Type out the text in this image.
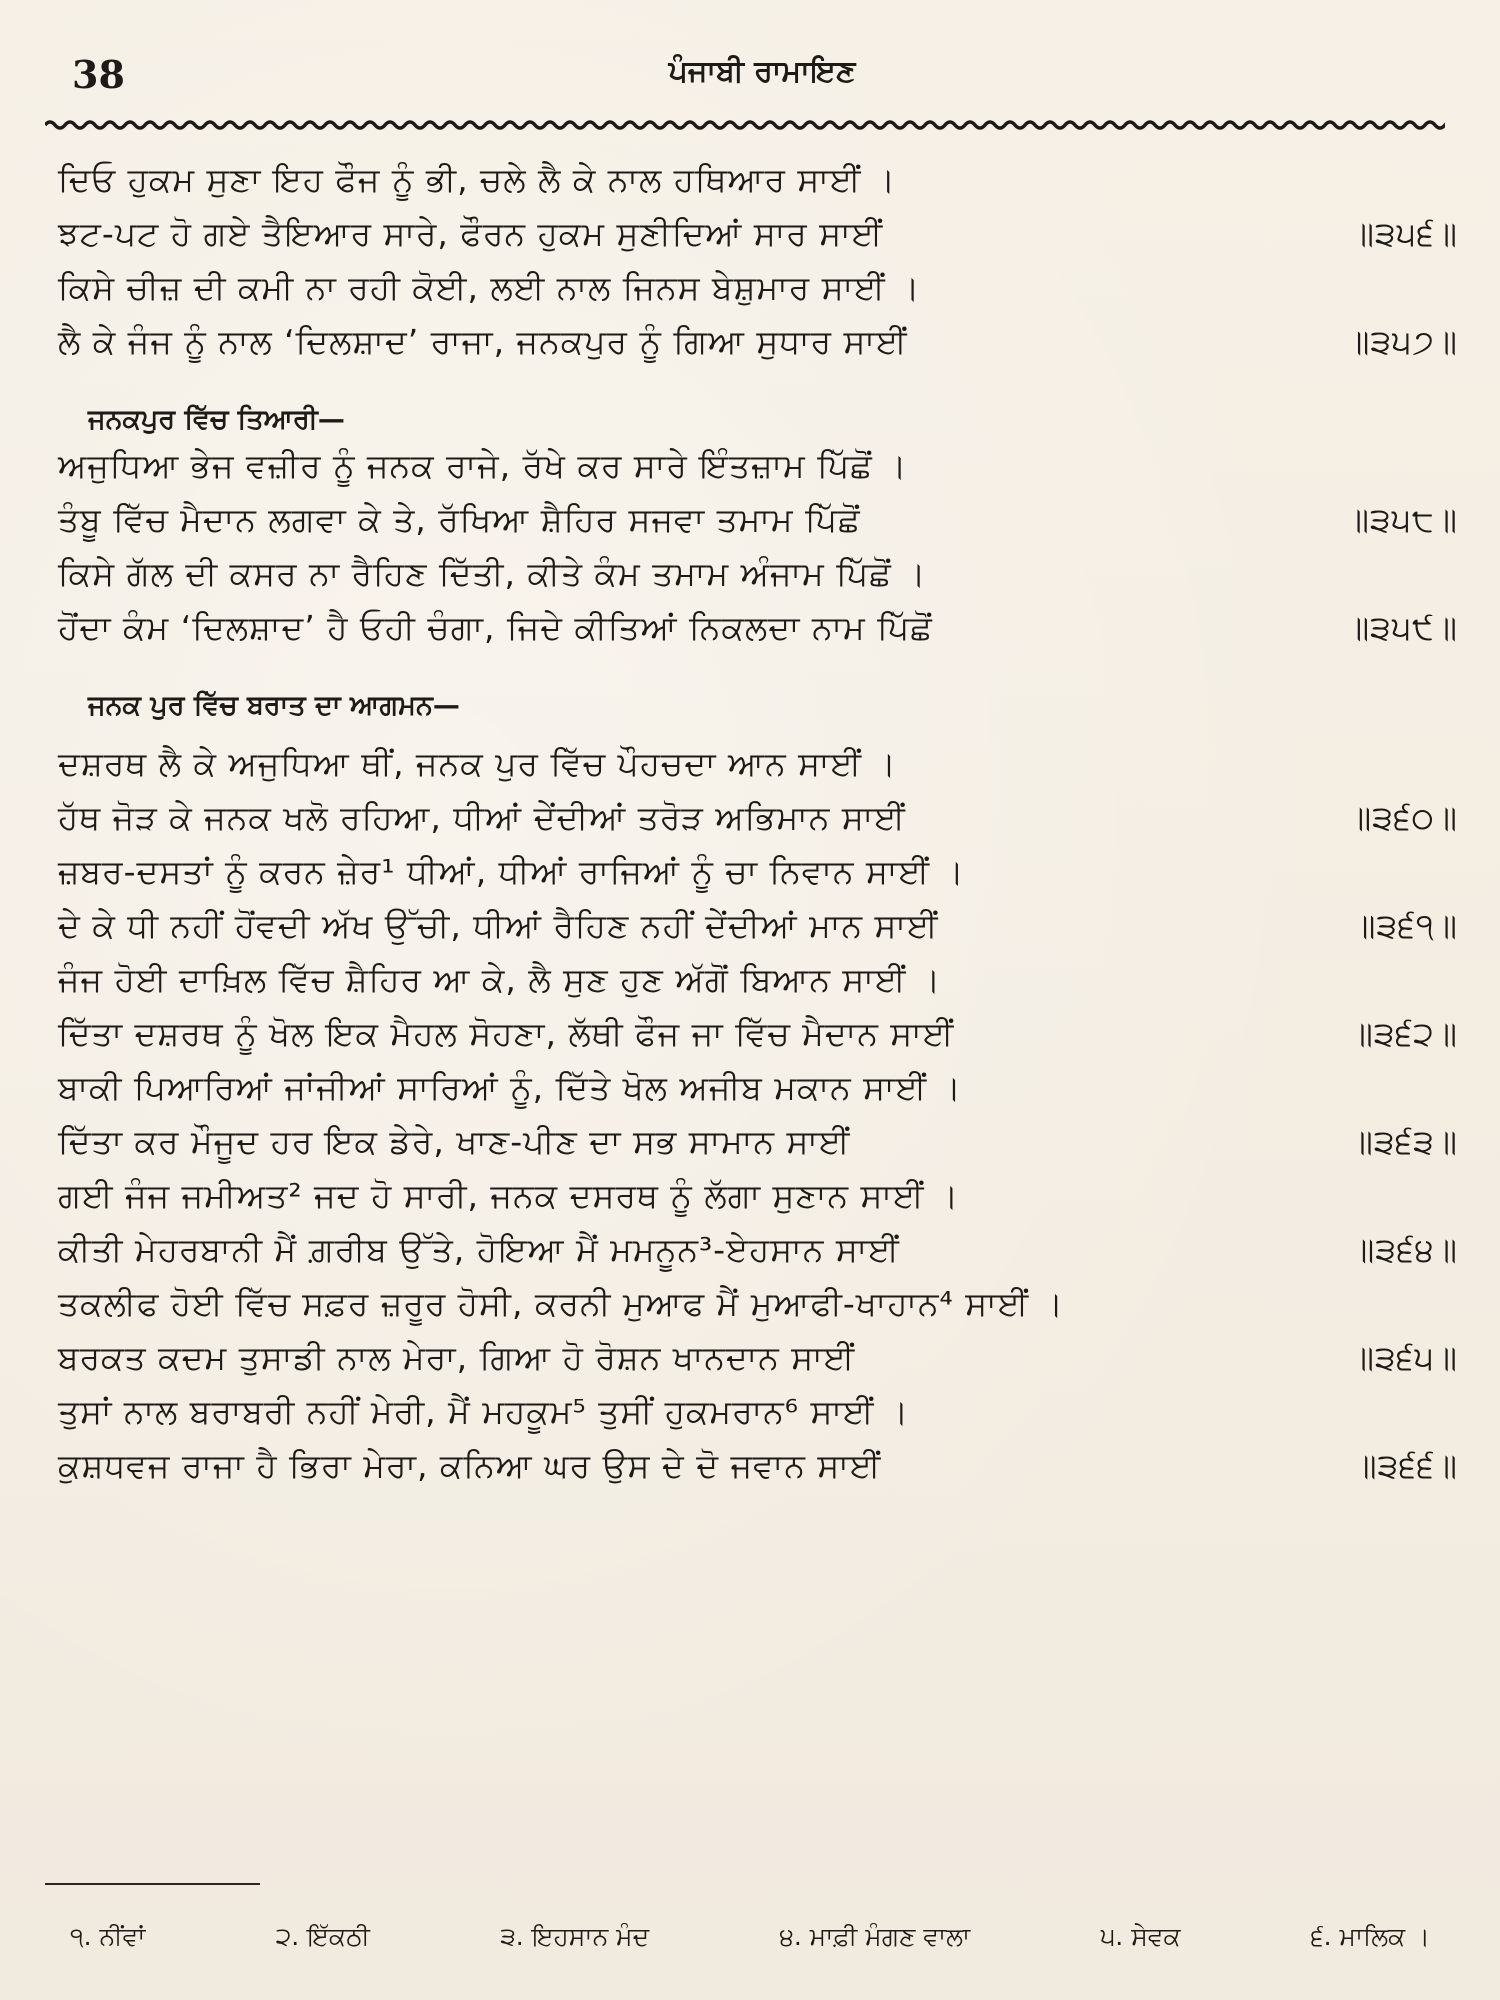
38	ਪੰਜਾਬੀ ਰਾਮਾਇਣ
ਦਿਓ ਹੁਕਮ ਸੁਣਾ ਇਹ ਫੌਜ ਨੂੰ ਭੀ, ਚਲੇ ਲੈ ਕੇ ਨਾਲ ਹਥਿਆਰ ਸਾਈਂ ।
ਝਟ-ਪਟ ਹੋ ਗਏ ਤੈਇਆਰ ਸਾਰੇ, ਫੌਰਨ ਹੁਕਮ ਸੁਣੀਦਿਆਂ ਸਾਰ ਸਾਈਂ	॥੩੫੬॥
ਕਿਸੇ ਚੀਜ਼ ਦੀ ਕਮੀ ਨਾ ਰਹੀ ਕੋਈ, ਲਈ ਨਾਲ ਜਿਨਸ ਬੇਸ਼ੁਮਾਰ ਸਾਈਂ ।
ਲੈ ਕੇ ਜੰਜ ਨੂੰ ਨਾਲ ‘ਦਿਲਸ਼ਾਦ’ ਰਾਜਾ, ਜਨਕਪੁਰ ਨੂੰ ਗਿਆ ਸੁਧਾਰ ਸਾਈਂ	॥੩੫੭॥
ਜਨਕਪੁਰ ਵਿੱਚ ਤਿਆਰੀ—
ਅਜੁਧਿਆ ਭੇਜ ਵਜ਼ੀਰ ਨੂੰ ਜਨਕ ਰਾਜੇ, ਰੱਖੇ ਕਰ ਸਾਰੇ ਇੰਤਜ਼ਾਮ ਪਿੱਛੋਂ ।
ਤੰਬੂ ਵਿੱਚ ਮੈਦਾਨ ਲਗਵਾ ਕੇ ਤੇ, ਰੱਖਿਆ ਸ਼ੈਹਿਰ ਸਜਵਾ ਤਮਾਮ ਪਿੱਛੋਂ	॥੩੫੮॥
ਕਿਸੇ ਗੱਲ ਦੀ ਕਸਰ ਨਾ ਰੈਹਿਣ ਦਿੱਤੀ, ਕੀਤੇ ਕੰਮ ਤਮਾਮ ਅੰਜਾਮ ਪਿੱਛੋਂ ।
ਹੋਂਦਾ ਕੰਮ ‘ਦਿਲਸ਼ਾਦ’ ਹੈ ਓਹੀ ਚੰਗਾ, ਜਿਦੇ ਕੀਤਿਆਂ ਨਿਕਲਦਾ ਨਾਮ ਪਿੱਛੋਂ	॥੩੫੯॥
ਜਨਕ ਪੁਰ ਵਿੱਚ ਬਰਾਤ ਦਾ ਆਗਮਨ—
ਦਸ਼ਰਥ ਲੈ ਕੇ ਅਜੁਧਿਆ ਥੀਂ, ਜਨਕ ਪੁਰ ਵਿੱਚ ਪੌਹਚਦਾ ਆਨ ਸਾਈਂ ।
ਹੱਥ ਜੋੜ ਕੇ ਜਨਕ ਖਲੋ ਰਹਿਆ, ਧੀਆਂ ਦੇਂਦੀਆਂ ਤਰੋੜ ਅਭਿਮਾਨ ਸਾਈਂ	॥੩੬੦॥
ਜ਼ਬਰ-ਦਸਤਾਂ ਨੂੰ ਕਰਨ ਜ਼ੇਰ¹ ਧੀਆਂ, ਧੀਆਂ ਰਾਜਿਆਂ ਨੂੰ ਚਾ ਨਿਵਾਨ ਸਾਈਂ ।
ਦੇ ਕੇ ਧੀ ਨਹੀਂ ਹੋਂਵਦੀ ਅੱਖ ਉੱਚੀ, ਧੀਆਂ ਰੈਹਿਣ ਨਹੀਂ ਦੇਂਦੀਆਂ ਮਾਨ ਸਾਈਂ	॥੩੬੧॥
ਜੰਜ ਹੋਈ ਦਾਖ਼ਿਲ ਵਿੱਚ ਸ਼ੈਹਿਰ ਆ ਕੇ, ਲੈ ਸੁਣ ਹੁਣ ਅੱਗੋਂ ਬਿਆਨ ਸਾਈਂ ।
ਦਿੱਤਾ ਦਸ਼ਰਥ ਨੂੰ ਖੋਲ ਇਕ ਮੈਹਲ ਸੋਹਣਾ, ਲੱਥੀ ਫੌਜ ਜਾ ਵਿੱਚ ਮੈਦਾਨ ਸਾਈਂ	॥੩੬੨॥
ਬਾਕੀ ਪਿਆਰਿਆਂ ਜਾਂਜੀਆਂ ਸਾਰਿਆਂ ਨੂੰ, ਦਿੱਤੇ ਖੋਲ ਅਜੀਬ ਮਕਾਨ ਸਾਈਂ ।
ਦਿੱਤਾ ਕਰ ਮੌਜੂਦ ਹਰ ਇਕ ਡੇਰੇ, ਖਾਣ-ਪੀਣ ਦਾ ਸਭ ਸਾਮਾਨ ਸਾਈਂ	॥੩੬੩॥
ਗਈ ਜੰਜ ਜਮੀਅਤ² ਜਦ ਹੋ ਸਾਰੀ, ਜਨਕ ਦਸਰਥ ਨੂੰ ਲੱਗਾ ਸੁਣਾਨ ਸਾਈਂ ।
ਕੀਤੀ ਮੇਹਰਬਾਨੀ ਮੈਂ ਗ਼ਰੀਬ ਉੱਤੇ, ਹੋਇਆ ਮੈਂ ਮਮਨੂਨ³-ਏਹਸਾਨ ਸਾਈਂ	॥੩੬੪॥
ਤਕਲੀਫ ਹੋਈ ਵਿੱਚ ਸਫ਼ਰ ਜ਼ਰੂਰ ਹੋਸੀ, ਕਰਨੀ ਮੁਆਫ ਮੈਂ ਮੁਆਫੀ-ਖਾਹਾਨ⁴ ਸਾਈਂ ।
ਬਰਕਤ ਕਦਮ ਤੁਸਾਡੀ ਨਾਲ ਮੇਰਾ, ਗਿਆ ਹੋ ਰੋਸ਼ਨ ਖਾਨਦਾਨ ਸਾਈਂ	॥੩੬੫॥
ਤੁਸਾਂ ਨਾਲ ਬਰਾਬਰੀ ਨਹੀਂ ਮੇਰੀ, ਮੈਂ ਮਹਕੂਮ⁵ ਤੁਸੀਂ ਹੁਕਮਰਾਨ⁶ ਸਾਈਂ ।
ਕੁਸ਼ਧਵਜ ਰਾਜਾ ਹੈ ਭਿਰਾ ਮੇਰਾ, ਕਨਿਆ ਘਰ ਉਸ ਦੇ ਦੋ ਜਵਾਨ ਸਾਈਂ	॥੩੬੬॥
੧. ਨੀਂਵਾਂ	੨. ਇੱਕਠੀ	੩. ਇਹਸਾਨ ਮੰਦ	੪. ਮਾਫ਼ੀ ਮੰਗਣ ਵਾਲਾ	੫. ਸੇਵਕ	੬. ਮਾਲਿਕ ।
